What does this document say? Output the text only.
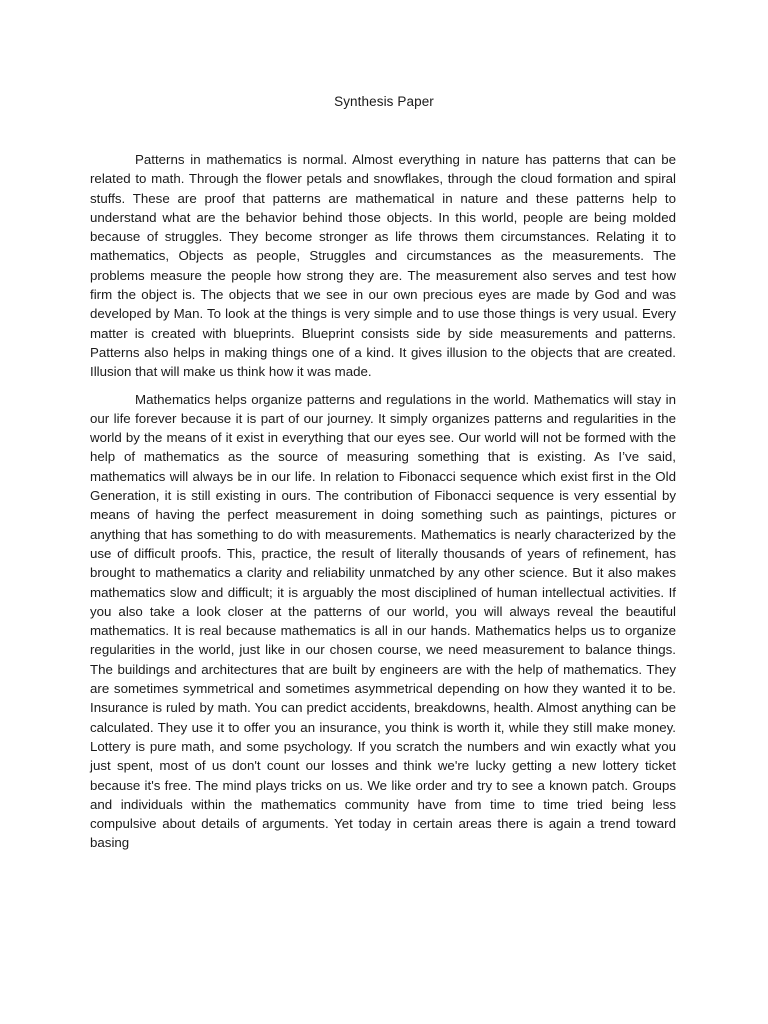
Synthesis Paper

Patterns in mathematics is normal. Almost everything in nature has patterns that can be related to math. Through the flower petals and snowflakes, through the cloud formation and spiral stuffs. These are proof that patterns are mathematical in nature and these patterns help to understand what are the behavior behind those objects. In this world, people are being molded because of struggles. They become stronger as life throws them circumstances. Relating it to mathematics, Objects as people, Struggles and circumstances as the measurements. The problems measure the people how strong they are. The measurement also serves and test how firm the object is. The objects that we see in our own precious eyes are made by God and was developed by Man. To look at the things is very simple and to use those things is very usual. Every matter is created with blueprints. Blueprint consists side by side measurements and patterns. Patterns also helps in making things one of a kind. It gives illusion to the objects that are created. Illusion that will make us think how it was made.

Mathematics helps organize patterns and regulations in the world. Mathematics will stay in our life forever because it is part of our journey. It simply organizes patterns and regularities in the world by the means of it exist in everything that our eyes see. Our world will not be formed with the help of mathematics as the source of measuring something that is existing. As I’ve said, mathematics will always be in our life. In relation to Fibonacci sequence which exist first in the Old Generation, it is still existing in ours. The contribution of Fibonacci sequence is very essential by means of having the perfect measurement in doing something such as paintings, pictures or anything that has something to do with measurements. Mathematics is nearly characterized by the use of difficult proofs. This, practice, the result of literally thousands of years of refinement, has brought to mathematics a clarity and reliability unmatched by any other science. But it also makes mathematics slow and difficult; it is arguably the most disciplined of human intellectual activities. If you also take a look closer at the patterns of our world, you will always reveal the beautiful mathematics. It is real because mathematics is all in our hands. Mathematics helps us to organize regularities in the world, just like in our chosen course, we need measurement to balance things. The buildings and architectures that are built by engineers are with the help of mathematics. They are sometimes symmetrical and sometimes asymmetrical depending on how they wanted it to be. Insurance is ruled by math. You can predict accidents, breakdowns, health. Almost anything can be calculated. They use it to offer you an insurance, you think is worth it, while they still make money. Lottery is pure math, and some psychology. If you scratch the numbers and win exactly what you just spent, most of us don't count our losses and think we're lucky getting a new lottery ticket because it's free. The mind plays tricks on us. We like order and try to see a known patch. Groups and individuals within the mathematics community have from time to time tried being less compulsive about details of arguments. Yet today in certain areas there is again a trend toward basing
